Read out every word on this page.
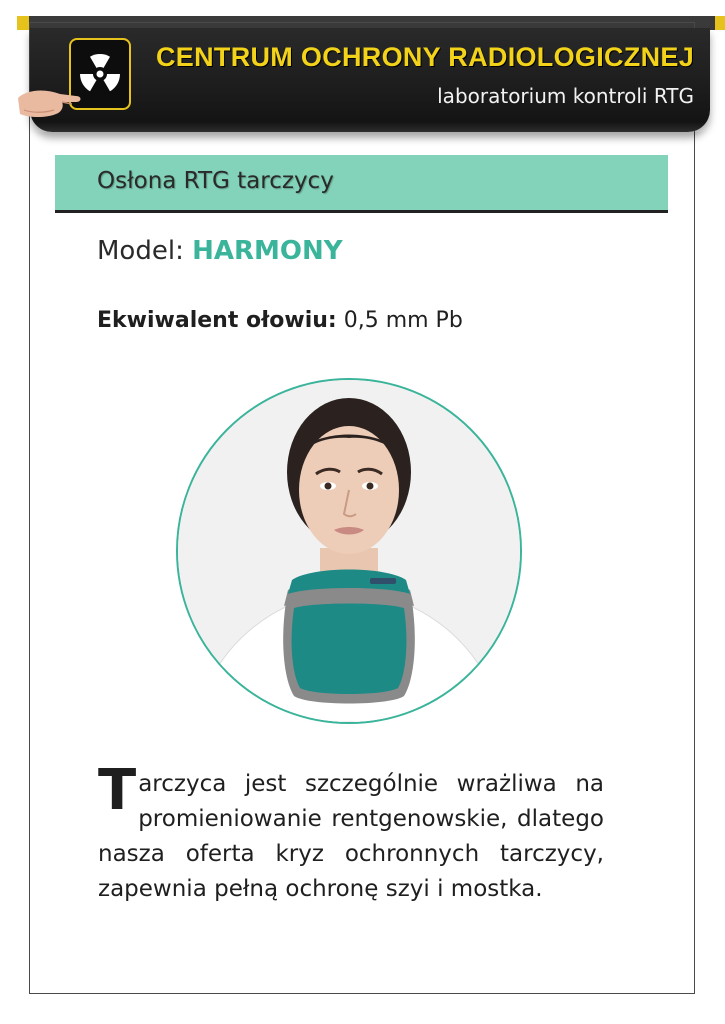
CENTRUM OCHRONY RADIOLOGICZNEJ
laboratorium kontroli RTG
Osłona RTG tarczycy
Model: HARMONY
Ekwiwalent ołowiu: 0,5 mm Pb

Tarczyca jest szczególnie wrażliwa na promieniowanie rentgenowskie, dlatego nasza oferta kryz ochronnych tarczycy, zapewnia pełną ochronę szyi i mostka.
